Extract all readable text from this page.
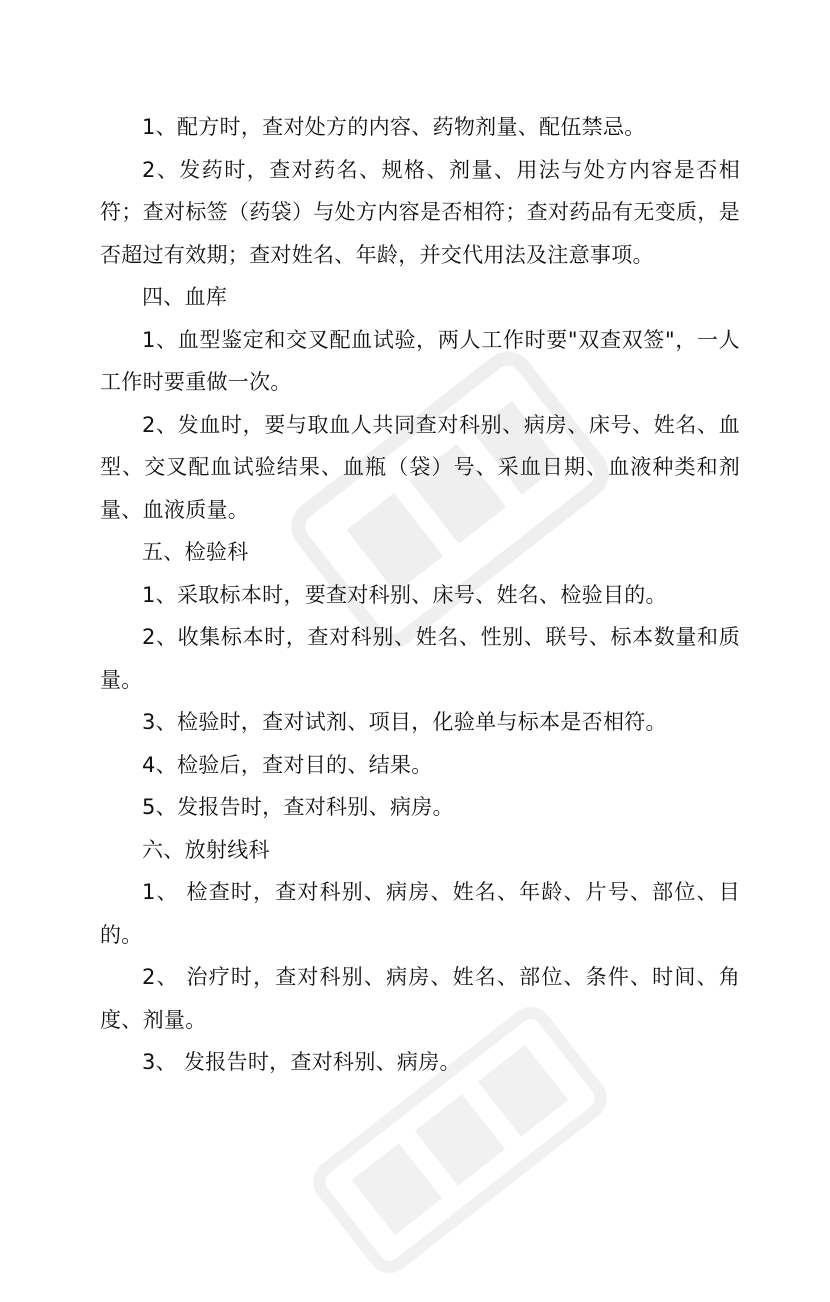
1、配方时，查对处方的内容、药物剂量、配伍禁忌。

2、发药时，查对药名、规格、剂量、用法与处方内容是否相符；查对标签（药袋）与处方内容是否相符；查对药品有无变质，是否超过有效期；查对姓名、年龄，并交代用法及注意事项。

四、血库

1、血型鉴定和交叉配血试验，两人工作时要"双查双签"，一人工作时要重做一次。

2、发血时，要与取血人共同查对科别、病房、床号、姓名、血型、交叉配血试验结果、血瓶（袋）号、采血日期、血液种类和剂量、血液质量。

五、检验科

1、采取标本时，要查对科别、床号、姓名、检验目的。

2、收集标本时，查对科别、姓名、性别、联号、标本数量和质量。

3、检验时，查对试剂、项目，化验单与标本是否相符。

4、检验后，查对目的、结果。

5、发报告时，查对科别、病房。

六、放射线科

1、 检查时，查对科别、病房、姓名、年龄、片号、部位、目的。

2、 治疗时，查对科别、病房、姓名、部位、条件、时间、角度、剂量。

3、 发报告时，查对科别、病房。
